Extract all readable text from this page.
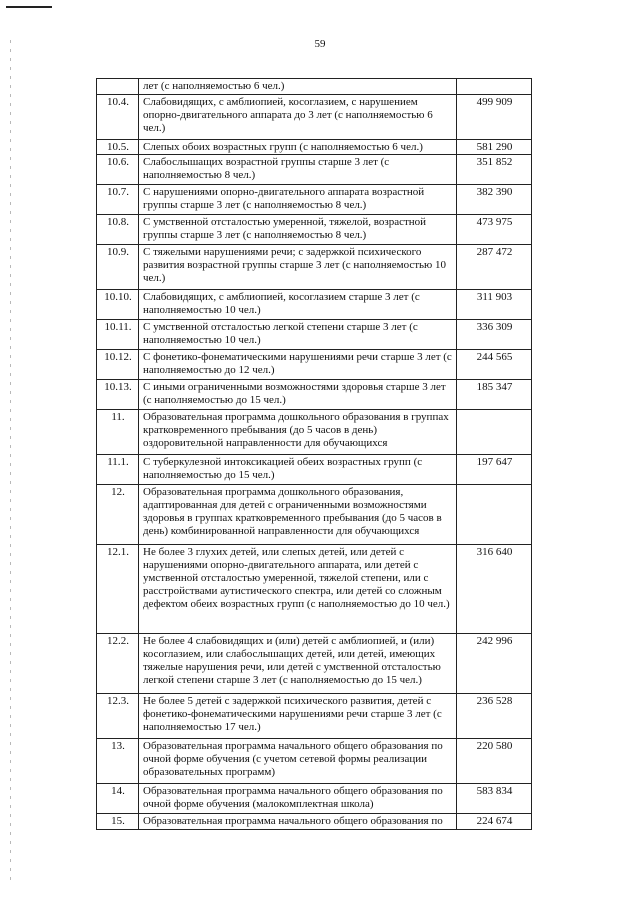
59
	лет (с наполняемостью 6 чел.)	
10.4.	Слабовидящих, с амблиопией, косоглазием, с нарушением опорно-двигательного аппарата до 3 лет (с наполняемостью 6 чел.)	499 909
10.5.	Слепых обоих возрастных групп (с наполняемостью 6 чел.)	581 290
10.6.	Слабослышащих возрастной группы старше 3 лет (с наполняемостью 8 чел.)	351 852
10.7.	С нарушениями опорно-двигательного аппарата возрастной группы старше 3 лет (с наполняемостью 8 чел.)	382 390
10.8.	С умственной отсталостью умеренной, тяжелой, возрастной группы старше 3 лет (с наполняемостью 8 чел.)	473 975
10.9.	С тяжелыми нарушениями речи; с задержкой психического развития возрастной группы старше 3 лет (с наполняемостью 10 чел.)	287 472
10.10.	Слабовидящих, с амблиопией, косоглазием старше 3 лет (с наполняемостью 10 чел.)	311 903
10.11.	С умственной отсталостью легкой степени старше 3 лет (с наполняемостью 10 чел.)	336 309
10.12.	С фонетико-фонематическими нарушениями речи старше 3 лет (с наполняемостью до 12 чел.)	244 565
10.13.	С иными ограниченными возможностями здоровья старше 3 лет (с наполняемостью до 15 чел.)	185 347
11.	Образовательная программа дошкольного образования в группах кратковременного пребывания (до 5 часов в день) оздоровительной направленности для обучающихся	
11.1.	С туберкулезной интоксикацией обеих возрастных групп (с наполняемостью до 15 чел.)	197 647
12.	Образовательная программа дошкольного образования, адаптированная для детей с ограниченными возможностями здоровья в группах кратковременного пребывания (до 5 часов в день) комбинированной направленности для обучающихся	
12.1.	Не более 3 глухих детей, или слепых детей, или детей с нарушениями опорно-двигательного аппарата, или детей с умственной отсталостью умеренной, тяжелой степени, или с расстройствами аутистического спектра, или детей со сложным дефектом обеих возрастных групп (с наполняемостью до 10 чел.)	316 640
12.2.	Не более 4 слабовидящих и (или) детей с амблиопией, и (или) косоглазием, или слабослышащих детей, или детей, имеющих тяжелые нарушения речи, или детей с умственной отсталостью легкой степени старше 3 лет (с наполняемостью до 15 чел.)	242 996
12.3.	Не более 5 детей с задержкой психического развития, детей с фонетико-фонематическими нарушениями речи старше 3 лет (с наполняемостью 17 чел.)	236 528
13.	Образовательная программа начального общего образования по очной форме обучения (с учетом сетевой формы реализации образовательных программ)	220 580
14.	Образовательная программа начального общего образования по очной форме обучения (малокомплектная школа)	583 834
15.	Образовательная программа начального общего образования по	224 674
